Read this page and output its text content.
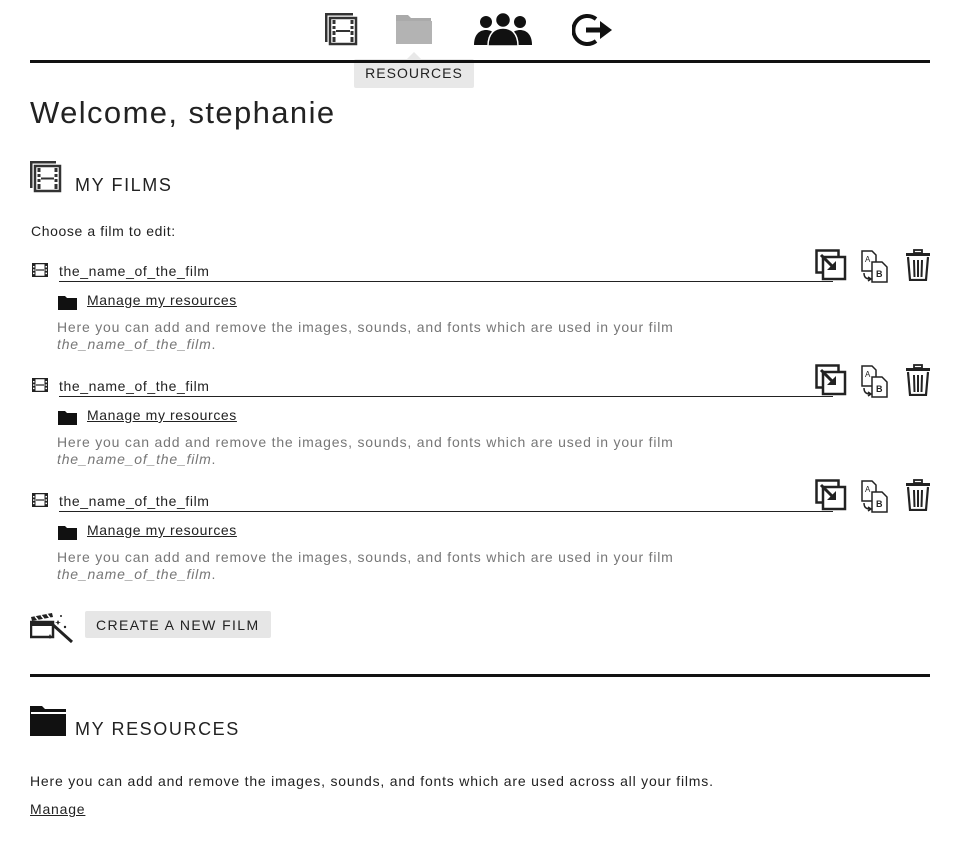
RESOURCES
Welcome, stephanie
MY FILMS
Choose a film to edit:
the_name_of_the_film
Manage my resources
Here you can add and remove the images, sounds, and fonts which are used in your film
the_name_of_the_film.
A
B
the_name_of_the_film
Manage my resources
Here you can add and remove the images, sounds, and fonts which are used in your film
the_name_of_the_film.
A
B
the_name_of_the_film
Manage my resources
Here you can add and remove the images, sounds, and fonts which are used in your film
the_name_of_the_film.
A
B
CREATE A NEW FILM
MY RESOURCES
Here you can add and remove the images, sounds, and fonts which are used across all your films.
Manage
